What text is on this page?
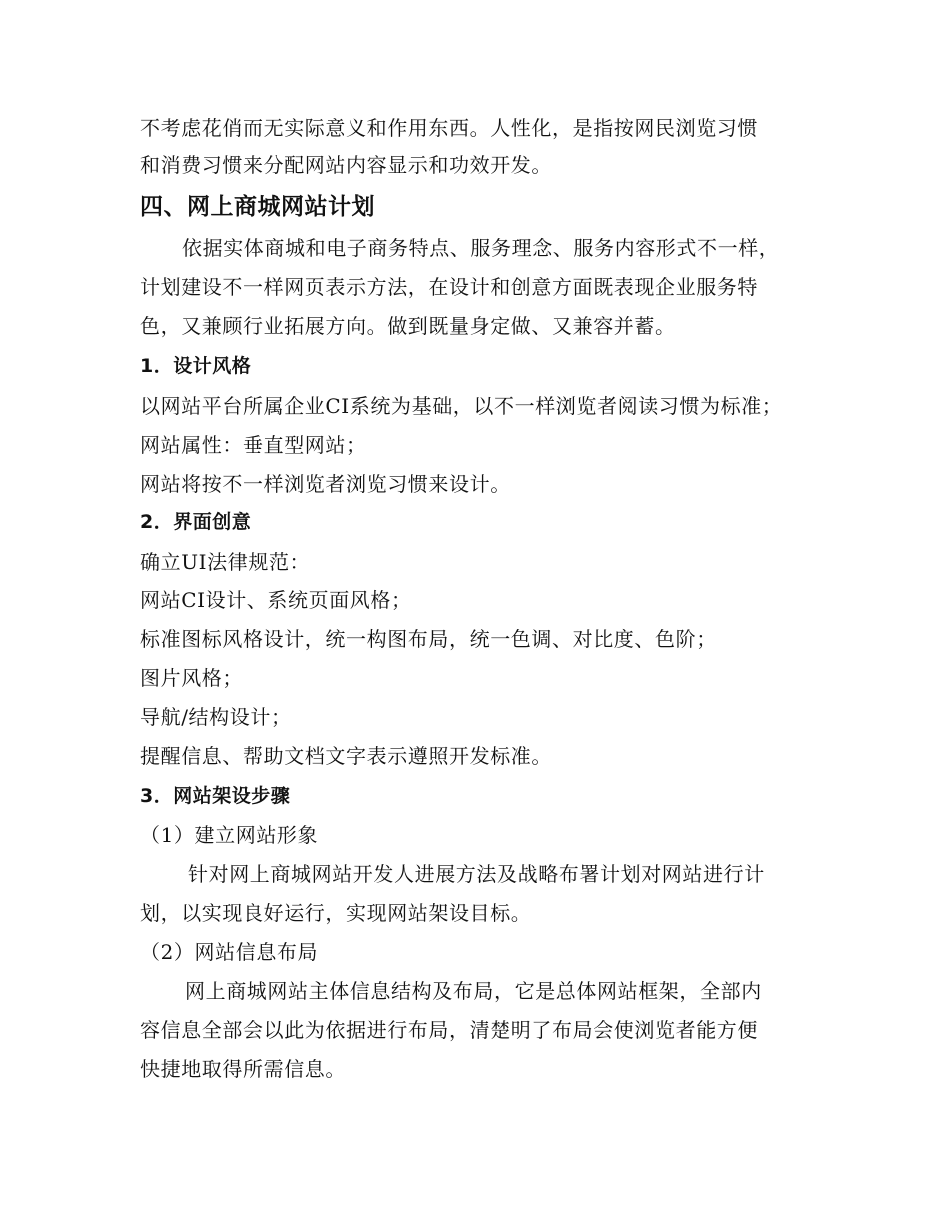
不考虑花俏而无实际意义和作用东西。人性化，是指按网民浏览习惯
和消费习惯来分配网站内容显示和功效开发。
四、网上商城网站计划
依据实体商城和电子商务特点、服务理念、服务内容形式不一样，
计划建设不一样网页表示方法，在设计和创意方面既表现企业服务特
色，又兼顾行业拓展方向。做到既量身定做、又兼容并蓄。
1．设计风格
以网站平台所属企业CI系统为基础，以不一样浏览者阅读习惯为标准；
网站属性：垂直型网站；
网站将按不一样浏览者浏览习惯来设计。
2．界面创意
确立UI法律规范：
网站CI设计、系统页面风格；
标准图标风格设计，统一构图布局，统一色调、对比度、色阶；
图片风格；
导航/结构设计；
提醒信息、帮助文档文字表示遵照开发标准。
3．网站架设步骤
（1）建立网站形象
针对网上商城网站开发人进展方法及战略布署计划对网站进行计
划，以实现良好运行，实现网站架设目标。
（2）网站信息布局
网上商城网站主体信息结构及布局，它是总体网站框架，全部内
容信息全部会以此为依据进行布局，清楚明了布局会使浏览者能方便
快捷地取得所需信息。
